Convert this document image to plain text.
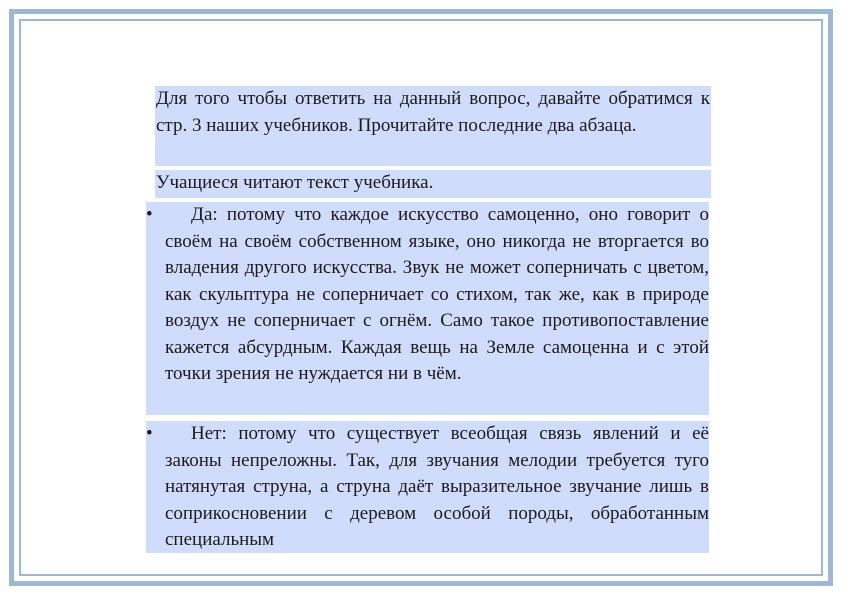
Для того чтобы ответить на данный вопрос, давайте обратимся к стр. 3 наших учебников. Прочитайте последние два абзаца.
Учащиеся читают текст учебника.
•	Да: потому что каждое искусство самоценно, оно говорит о своём на своём собственном языке, оно никогда не вторгается во владения другого искусства. Звук не может соперничать с цветом, как скульптура не соперничает со стихом, так же, как в природе воздух не соперничает с огнём. Само такое противопоставление кажется абсурдным. Каждая вещь на Земле самоценна и с этой точки зрения не нуждается ни в чём.
•	Нет: потому что существует всеобщая связь явлений и её законы непреложны. Так, для звучания мелодии требуется туго натянутая струна, а струна даёт выразительное звучание лишь в соприкосновении с деревом особой породы, обработанным специальным
